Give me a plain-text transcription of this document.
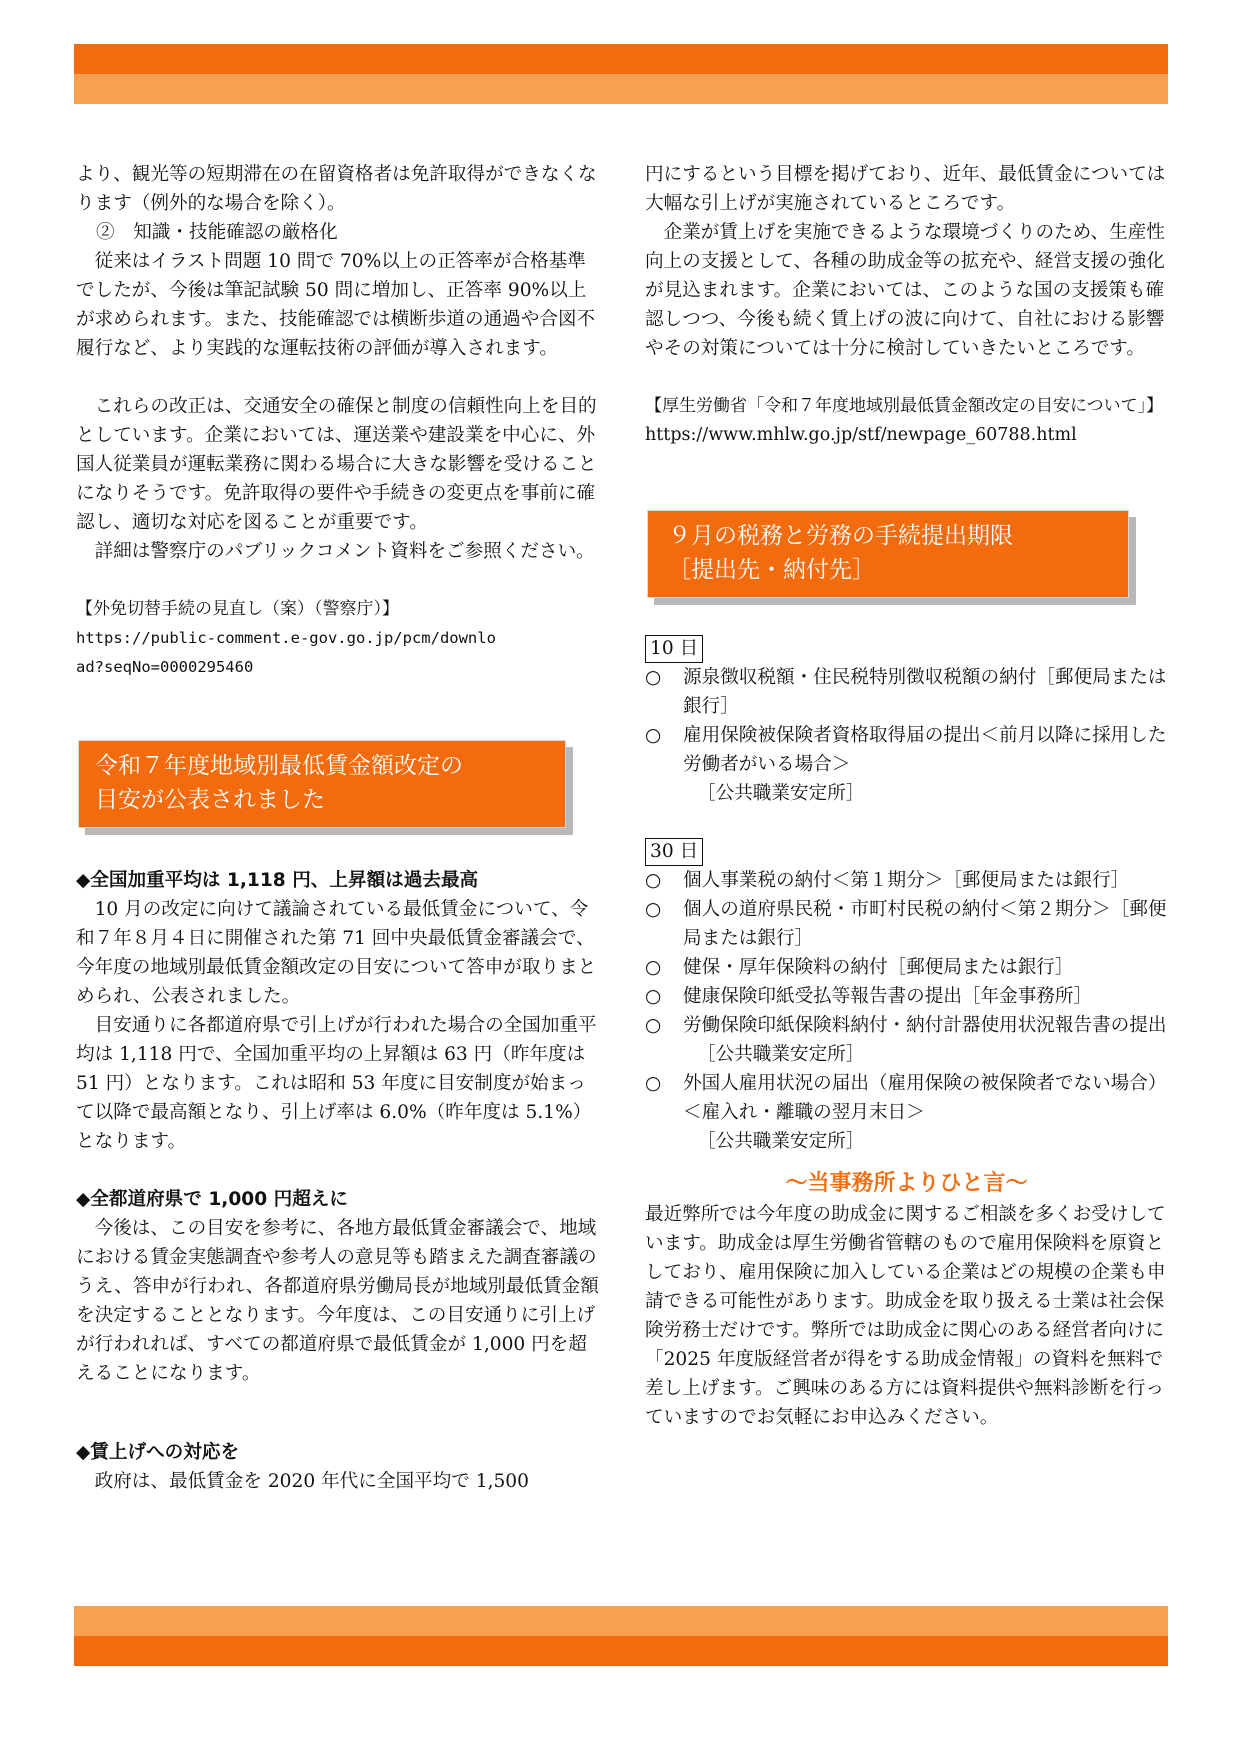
より、観光等の短期滞在の在留資格者は免許取得ができなくなります（例外的な場合を除く）。

②　知識・技能確認の厳格化

従来はイラスト問題 10 問で 70%以上の正答率が合格基準でしたが、今後は筆記試験 50 問に増加し、正答率 90%以上が求められます。また、技能確認では横断歩道の通過や合図不履行など、より実践的な運転技術の評価が導入されます。

これらの改正は、交通安全の確保と制度の信頼性向上を目的としています。企業においては、運送業や建設業を中心に、外国人従業員が運転業務に関わる場合に大きな影響を受けることになりそうです。免許取得の要件や手続きの変更点を事前に確認し、適切な対応を図ることが重要です。

詳細は警察庁のパブリックコメント資料をご参照ください。

【外免切替手続の見直し（案）（警察庁）】

https://public-comment.e-gov.go.jp/pcm/download?seqNo=0000295460

令和７年度地域別最低賃金額改定の
目安が公表されました

◆全国加重平均は 1,118 円、上昇額は過去最高

10 月の改定に向けて議論されている最低賃金について、令和７年８月４日に開催された第 71 回中央最低賃金審議会で、今年度の地域別最低賃金額改定の目安について答申が取りまとめられ、公表されました。

目安通りに各都道府県で引上げが行われた場合の全国加重平均は 1,118 円で、全国加重平均の上昇額は 63 円（昨年度は 51 円）となります。これは昭和 53 年度に目安制度が始まって以降で最高額となり、引上げ率は 6.0%（昨年度は 5.1%）となります。

◆全都道府県で 1,000 円超えに

今後は、この目安を参考に、各地方最低賃金審議会で、地域における賃金実態調査や参考人の意見等も踏まえた調査審議のうえ、答申が行われ、各都道府県労働局長が地域別最低賃金額を決定することとなります。今年度は、この目安通りに引上げが行われれば、すべての都道府県で最低賃金が 1,000 円を超えることになります。

◆賃上げへの対応を

政府は、最低賃金を 2020 年代に全国平均で 1,500

円にするという目標を掲げており、近年、最低賃金については大幅な引上げが実施されているところです。

企業が賃上げを実施できるような環境づくりのため、生産性向上の支援として、各種の助成金等の拡充や、経営支援の強化が見込まれます。企業においては、このような国の支援策も確認しつつ、今後も続く賃上げの波に向けて、自社における影響やその対策については十分に検討していきたいところです。

【厚生労働省「令和７年度地域別最低賃金額改定の目安について」】

https://www.mhlw.go.jp/stf/newpage_60788.html

９月の税務と労務の手続提出期限
［提出先・納付先］
10 日
○	源泉徴収税額・住民税特別徴収税額の納付［郵便局または銀行］
○	雇用保険被保険者資格取得届の提出＜前月以降に採用した労働者がいる場合＞

［公共職業安定所］

30 日
○	個人事業税の納付＜第１期分＞［郵便局または銀行］
○	個人の道府県民税・市町村民税の納付＜第２期分＞［郵便局または銀行］
○	健保・厚年保険料の納付［郵便局または銀行］
○	健康保険印紙受払等報告書の提出［年金事務所］
○	労働保険印紙保険料納付・納付計器使用状況報告書の提出

［公共職業安定所］

○	外国人雇用状況の届出（雇用保険の被保険者でない場合）＜雇入れ・離職の翌月末日＞

［公共職業安定所］

～当事務所よりひと言～

最近弊所では今年度の助成金に関するご相談を多くお受けしています。助成金は厚生労働省管轄のもので雇用保険料を原資としており、雇用保険に加入している企業はどの規模の企業も申請できる可能性があります。助成金を取り扱える士業は社会保険労務士だけです。弊所では助成金に関心のある経営者向けに「2025 年度版経営者が得をする助成金情報」の資料を無料で差し上げます。ご興味のある方には資料提供や無料診断を行っていますのでお気軽にお申込みください。
